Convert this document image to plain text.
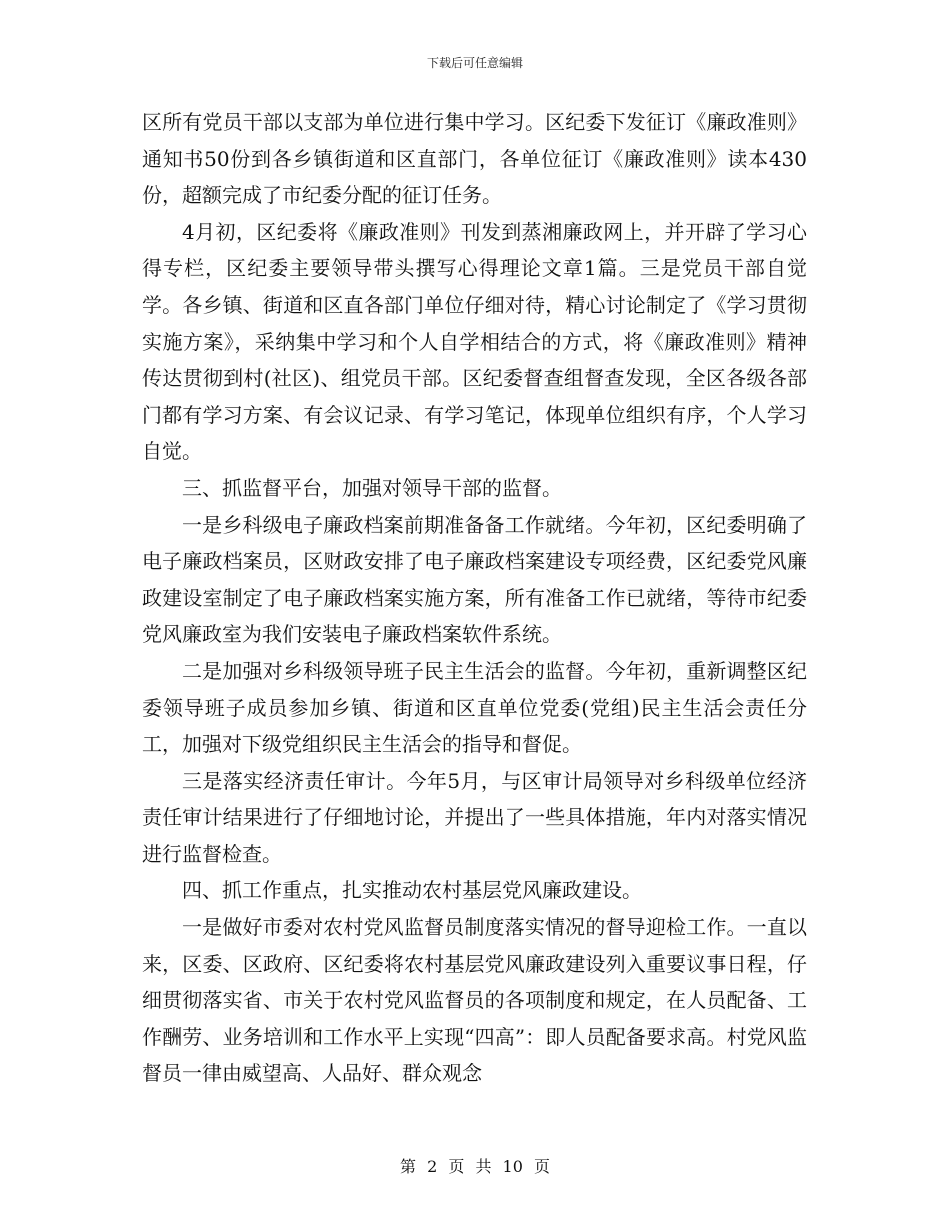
下载后可任意编辑

区所有党员干部以支部为单位进行集中学习。区纪委下发征订《廉政准则》通知书50份到各乡镇街道和区直部门，各单位征订《廉政准则》读本430份，超额完成了市纪委分配的征订任务。

4月初，区纪委将《廉政准则》刊发到蒸湘廉政网上，并开辟了学习心得专栏，区纪委主要领导带头撰写心得理论文章1篇。三是党员干部自觉学。各乡镇、街道和区直各部门单位仔细对待，精心讨论制定了《学习贯彻实施方案》，采纳集中学习和个人自学相结合的方式，将《廉政准则》精神传达贯彻到村(社区)、组党员干部。区纪委督查组督查发现，全区各级各部门都有学习方案、有会议记录、有学习笔记，体现单位组织有序，个人学习自觉。

三、抓监督平台，加强对领导干部的监督。

一是乡科级电子廉政档案前期准备备工作就绪。今年初，区纪委明确了电子廉政档案员，区财政安排了电子廉政档案建设专项经费，区纪委党风廉政建设室制定了电子廉政档案实施方案，所有准备工作已就绪，等待市纪委党风廉政室为我们安装电子廉政档案软件系统。

二是加强对乡科级领导班子民主生活会的监督。今年初，重新调整区纪委领导班子成员参加乡镇、街道和区直单位党委(党组)民主生活会责任分工，加强对下级党组织民主生活会的指导和督促。

三是落实经济责任审计。今年5月，与区审计局领导对乡科级单位经济责任审计结果进行了仔细地讨论，并提出了一些具体措施，年内对落实情况进行监督检查。

四、抓工作重点，扎实推动农村基层党风廉政建设。

一是做好市委对农村党风监督员制度落实情况的督导迎检工作。一直以来，区委、区政府、区纪委将农村基层党风廉政建设列入重要议事日程，仔细贯彻落实省、市关于农村党风监督员的各项制度和规定，在人员配备、工作酬劳、业务培训和工作水平上实现“四高”：即人员配备要求高。村党风监督员一律由威望高、人品好、群众观念

第 2 页 共 10 页
